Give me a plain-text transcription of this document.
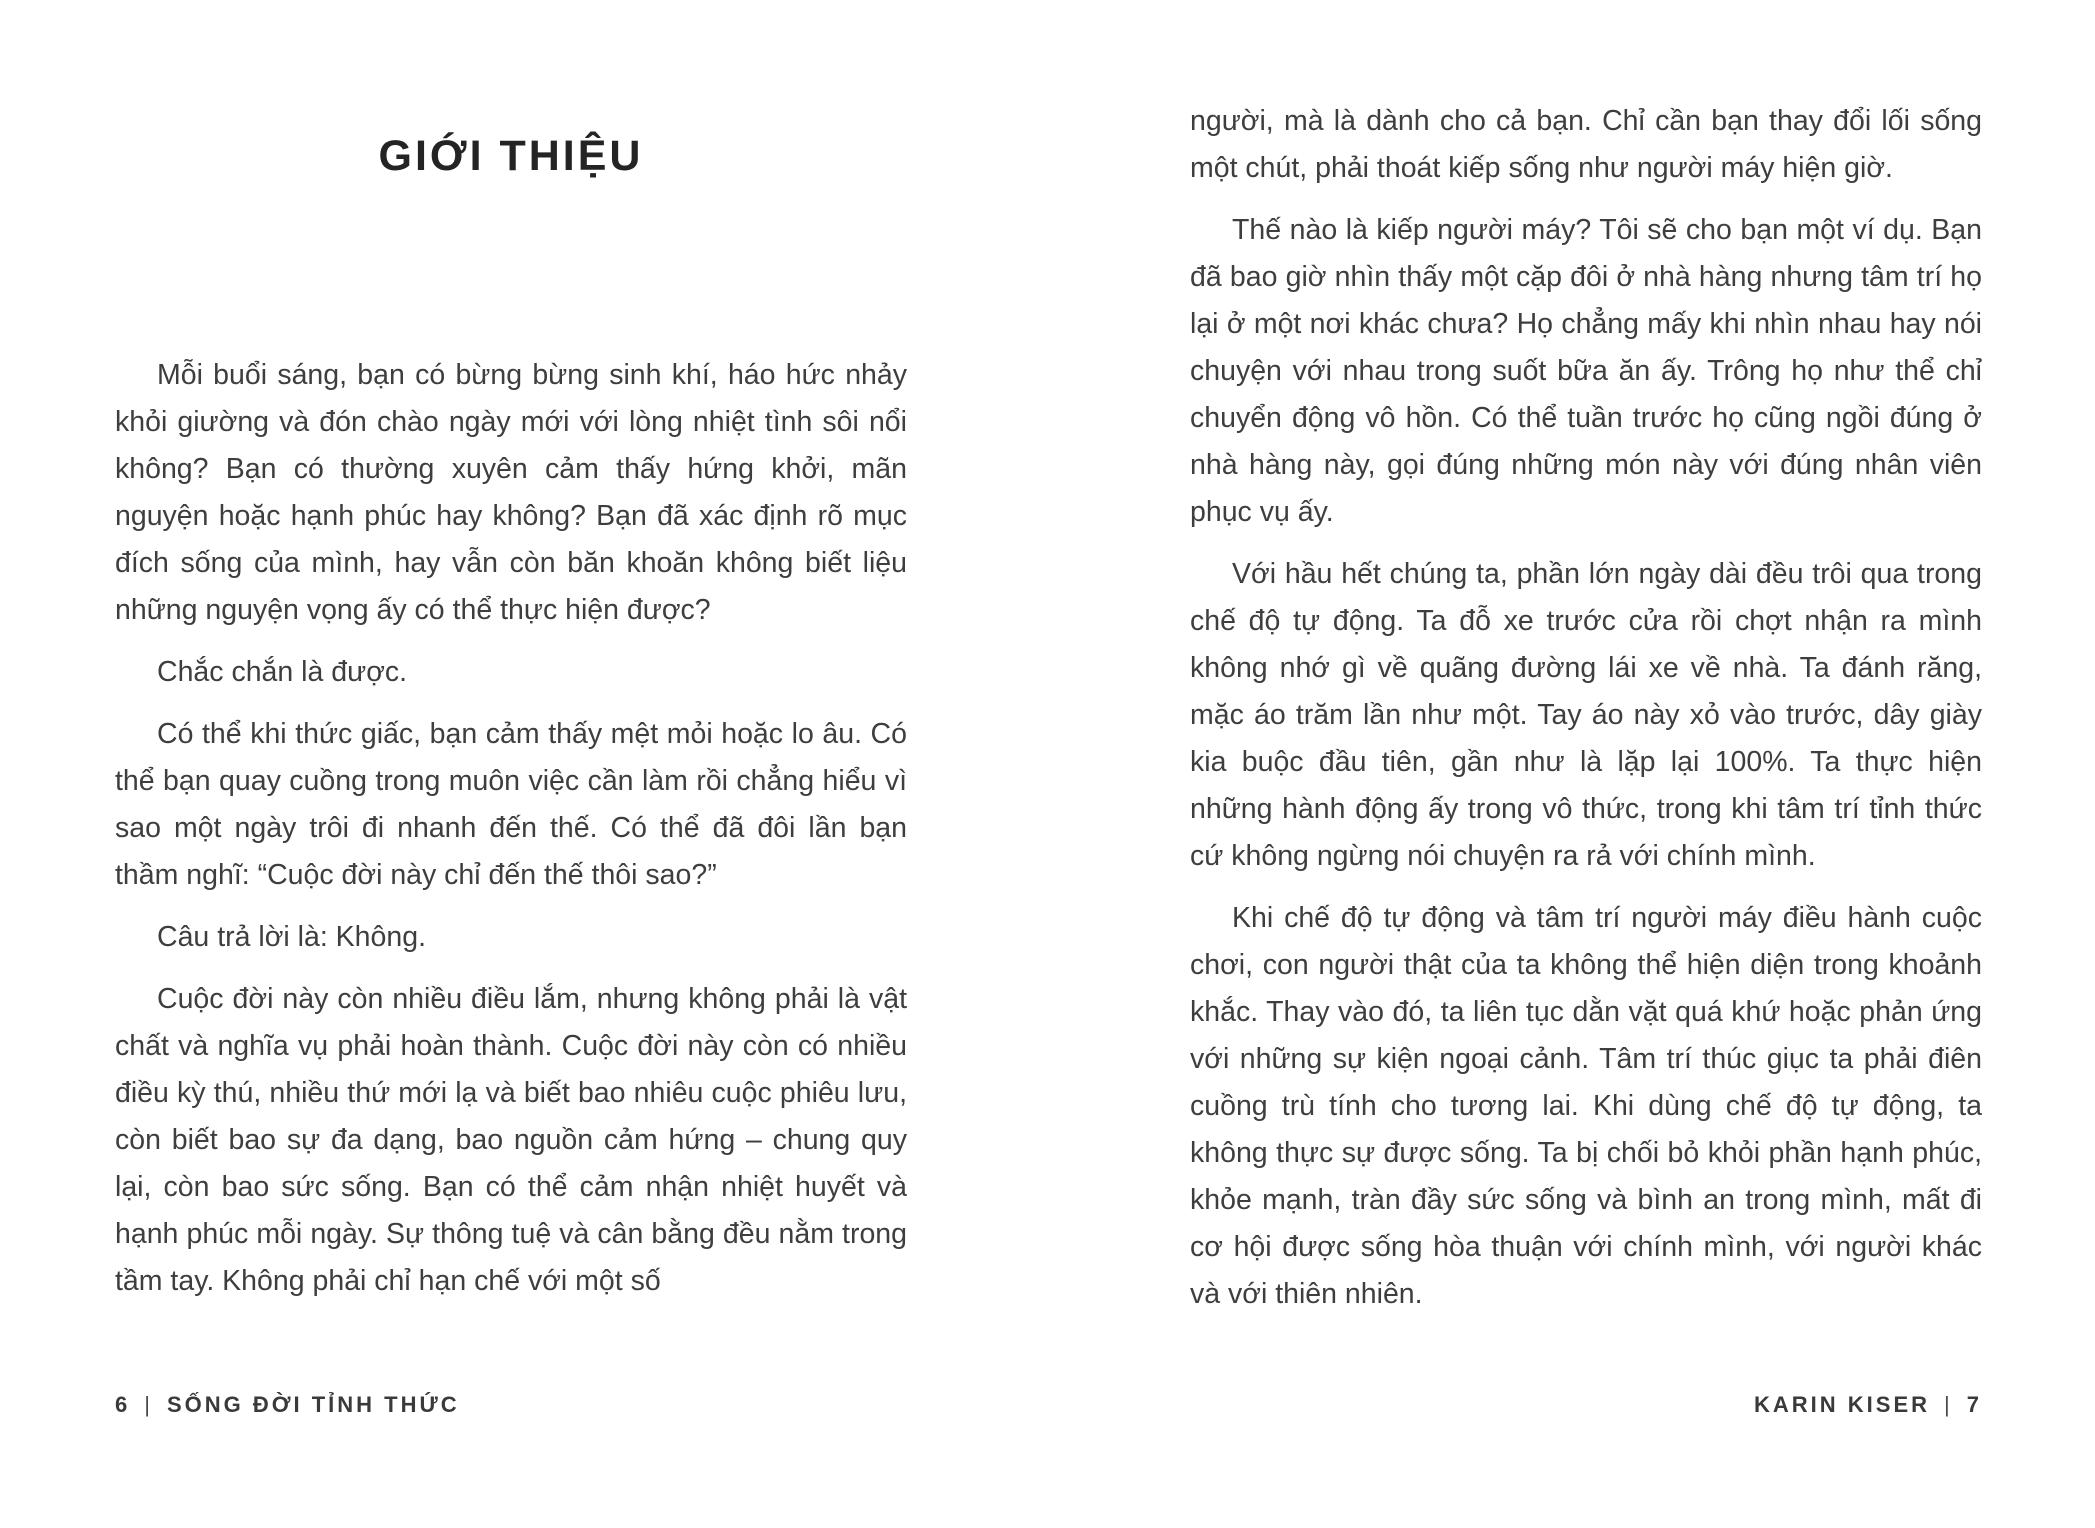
GIỚI THIỆU

Mỗi buổi sáng, bạn có bừng bừng sinh khí, háo hức nhảy khỏi giường và đón chào ngày mới với lòng nhiệt tình sôi nổi không? Bạn có thường xuyên cảm thấy hứng khởi, mãn nguyện hoặc hạnh phúc hay không? Bạn đã xác định rõ mục đích sống của mình, hay vẫn còn băn khoăn không biết liệu những nguyện vọng ấy có thể thực hiện được?

Chắc chắn là được.

Có thể khi thức giấc, bạn cảm thấy mệt mỏi hoặc lo âu. Có thể bạn quay cuồng trong muôn việc cần làm rồi chẳng hiểu vì sao một ngày trôi đi nhanh đến thế. Có thể đã đôi lần bạn thầm nghĩ: “Cuộc đời này chỉ đến thế thôi sao?”

Câu trả lời là: Không.

Cuộc đời này còn nhiều điều lắm, nhưng không phải là vật chất và nghĩa vụ phải hoàn thành. Cuộc đời này còn có nhiều điều kỳ thú, nhiều thứ mới lạ và biết bao nhiêu cuộc phiêu lưu, còn biết bao sự đa dạng, bao nguồn cảm hứng – chung quy lại, còn bao sức sống. Bạn có thể cảm nhận nhiệt huyết và hạnh phúc mỗi ngày. Sự thông tuệ và cân bằng đều nằm trong tầm tay. Không phải chỉ hạn chế với một số

6 | SỐNG ĐỜI TỈNH THỨC

người, mà là dành cho cả bạn. Chỉ cần bạn thay đổi lối sống một chút, phải thoát kiếp sống như người máy hiện giờ.

Thế nào là kiếp người máy? Tôi sẽ cho bạn một ví dụ. Bạn đã bao giờ nhìn thấy một cặp đôi ở nhà hàng nhưng tâm trí họ lại ở một nơi khác chưa? Họ chẳng mấy khi nhìn nhau hay nói chuyện với nhau trong suốt bữa ăn ấy. Trông họ như thể chỉ chuyển động vô hồn. Có thể tuần trước họ cũng ngồi đúng ở nhà hàng này, gọi đúng những món này với đúng nhân viên phục vụ ấy.

Với hầu hết chúng ta, phần lớn ngày dài đều trôi qua trong chế độ tự động. Ta đỗ xe trước cửa rồi chợt nhận ra mình không nhớ gì về quãng đường lái xe về nhà. Ta đánh răng, mặc áo trăm lần như một. Tay áo này xỏ vào trước, dây giày kia buộc đầu tiên, gần như là lặp lại 100%. Ta thực hiện những hành động ấy trong vô thức, trong khi tâm trí tỉnh thức cứ không ngừng nói chuyện ra rả với chính mình.

Khi chế độ tự động và tâm trí người máy điều hành cuộc chơi, con người thật của ta không thể hiện diện trong khoảnh khắc. Thay vào đó, ta liên tục dằn vặt quá khứ hoặc phản ứng với những sự kiện ngoại cảnh. Tâm trí thúc giục ta phải điên cuồng trù tính cho tương lai. Khi dùng chế độ tự động, ta không thực sự được sống. Ta bị chối bỏ khỏi phần hạnh phúc, khỏe mạnh, tràn đầy sức sống và bình an trong mình, mất đi cơ hội được sống hòa thuận với chính mình, với người khác và với thiên nhiên.

KARIN KISER | 7
